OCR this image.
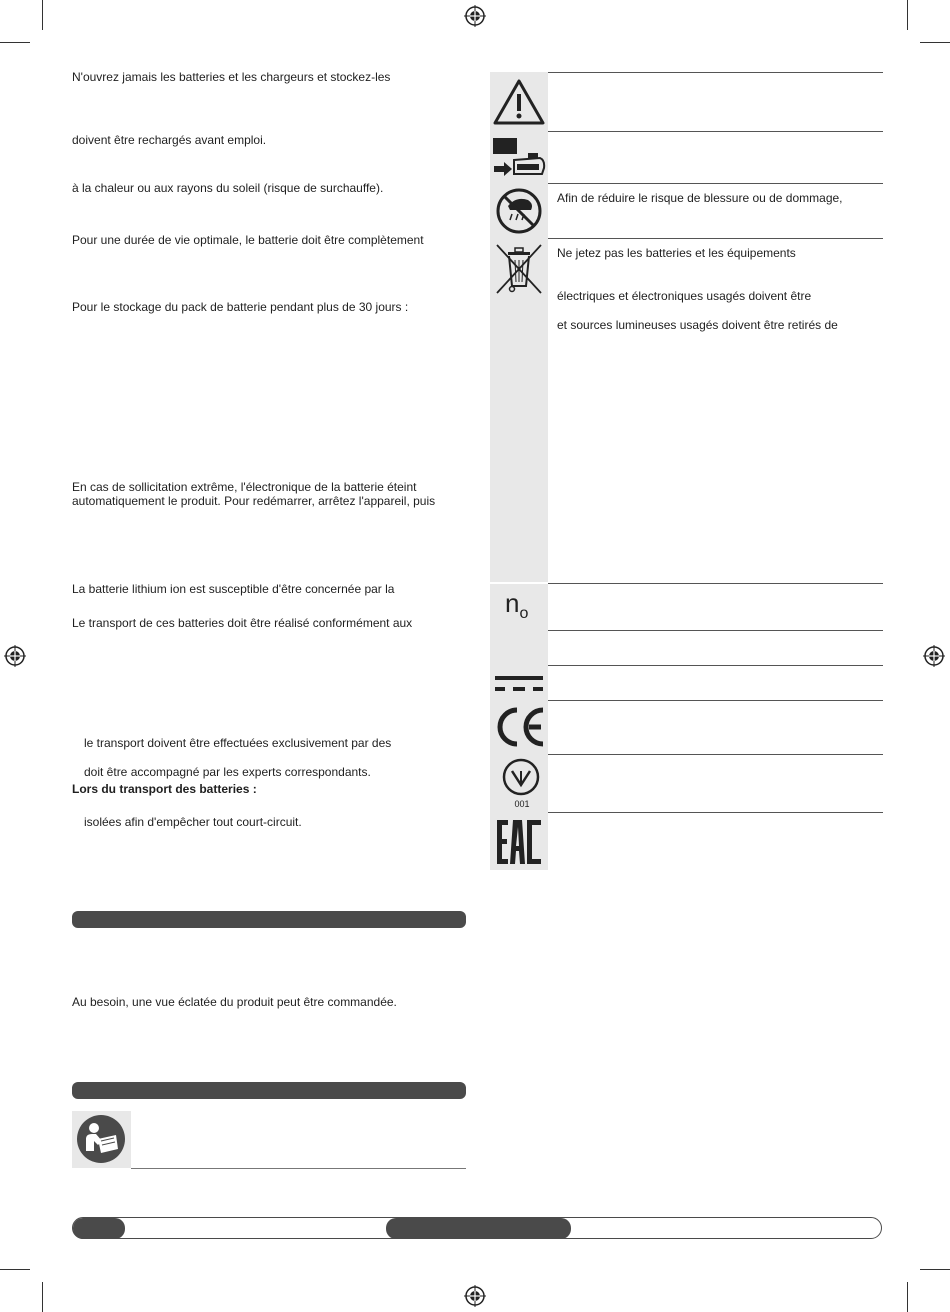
N'ouvrez jamais les batteries et les chargeurs et stockez-les
doivent être rechargés avant emploi.
à la chaleur ou aux rayons du soleil (risque de surchauffe).
Pour une durée de vie optimale, le batterie doit être complètement
Pour le stockage du pack de batterie pendant plus de 30 jours :
En cas de sollicitation extrême, l'électronique de la batterie éteint
automatiquement le produit. Pour redémarrer, arrêtez l'appareil, puis
La batterie lithium ion est susceptible d'être concernée par la
Le transport de ces batteries doit être réalisé conformément aux
le transport doivent être effectuées exclusivement par des
doit être accompagné par les experts correspondants.
Lors du transport des batteries :
isolées afin d'empêcher tout court-circuit.
Au besoin, une vue éclatée du produit peut être commandée.
Afin de réduire le risque de blessure ou de dommage,
Ne jetez pas les batteries et les équipements
électriques et électroniques usagés doivent être
et sources lumineuses usagés doivent être retirés de
$n_o$
001
